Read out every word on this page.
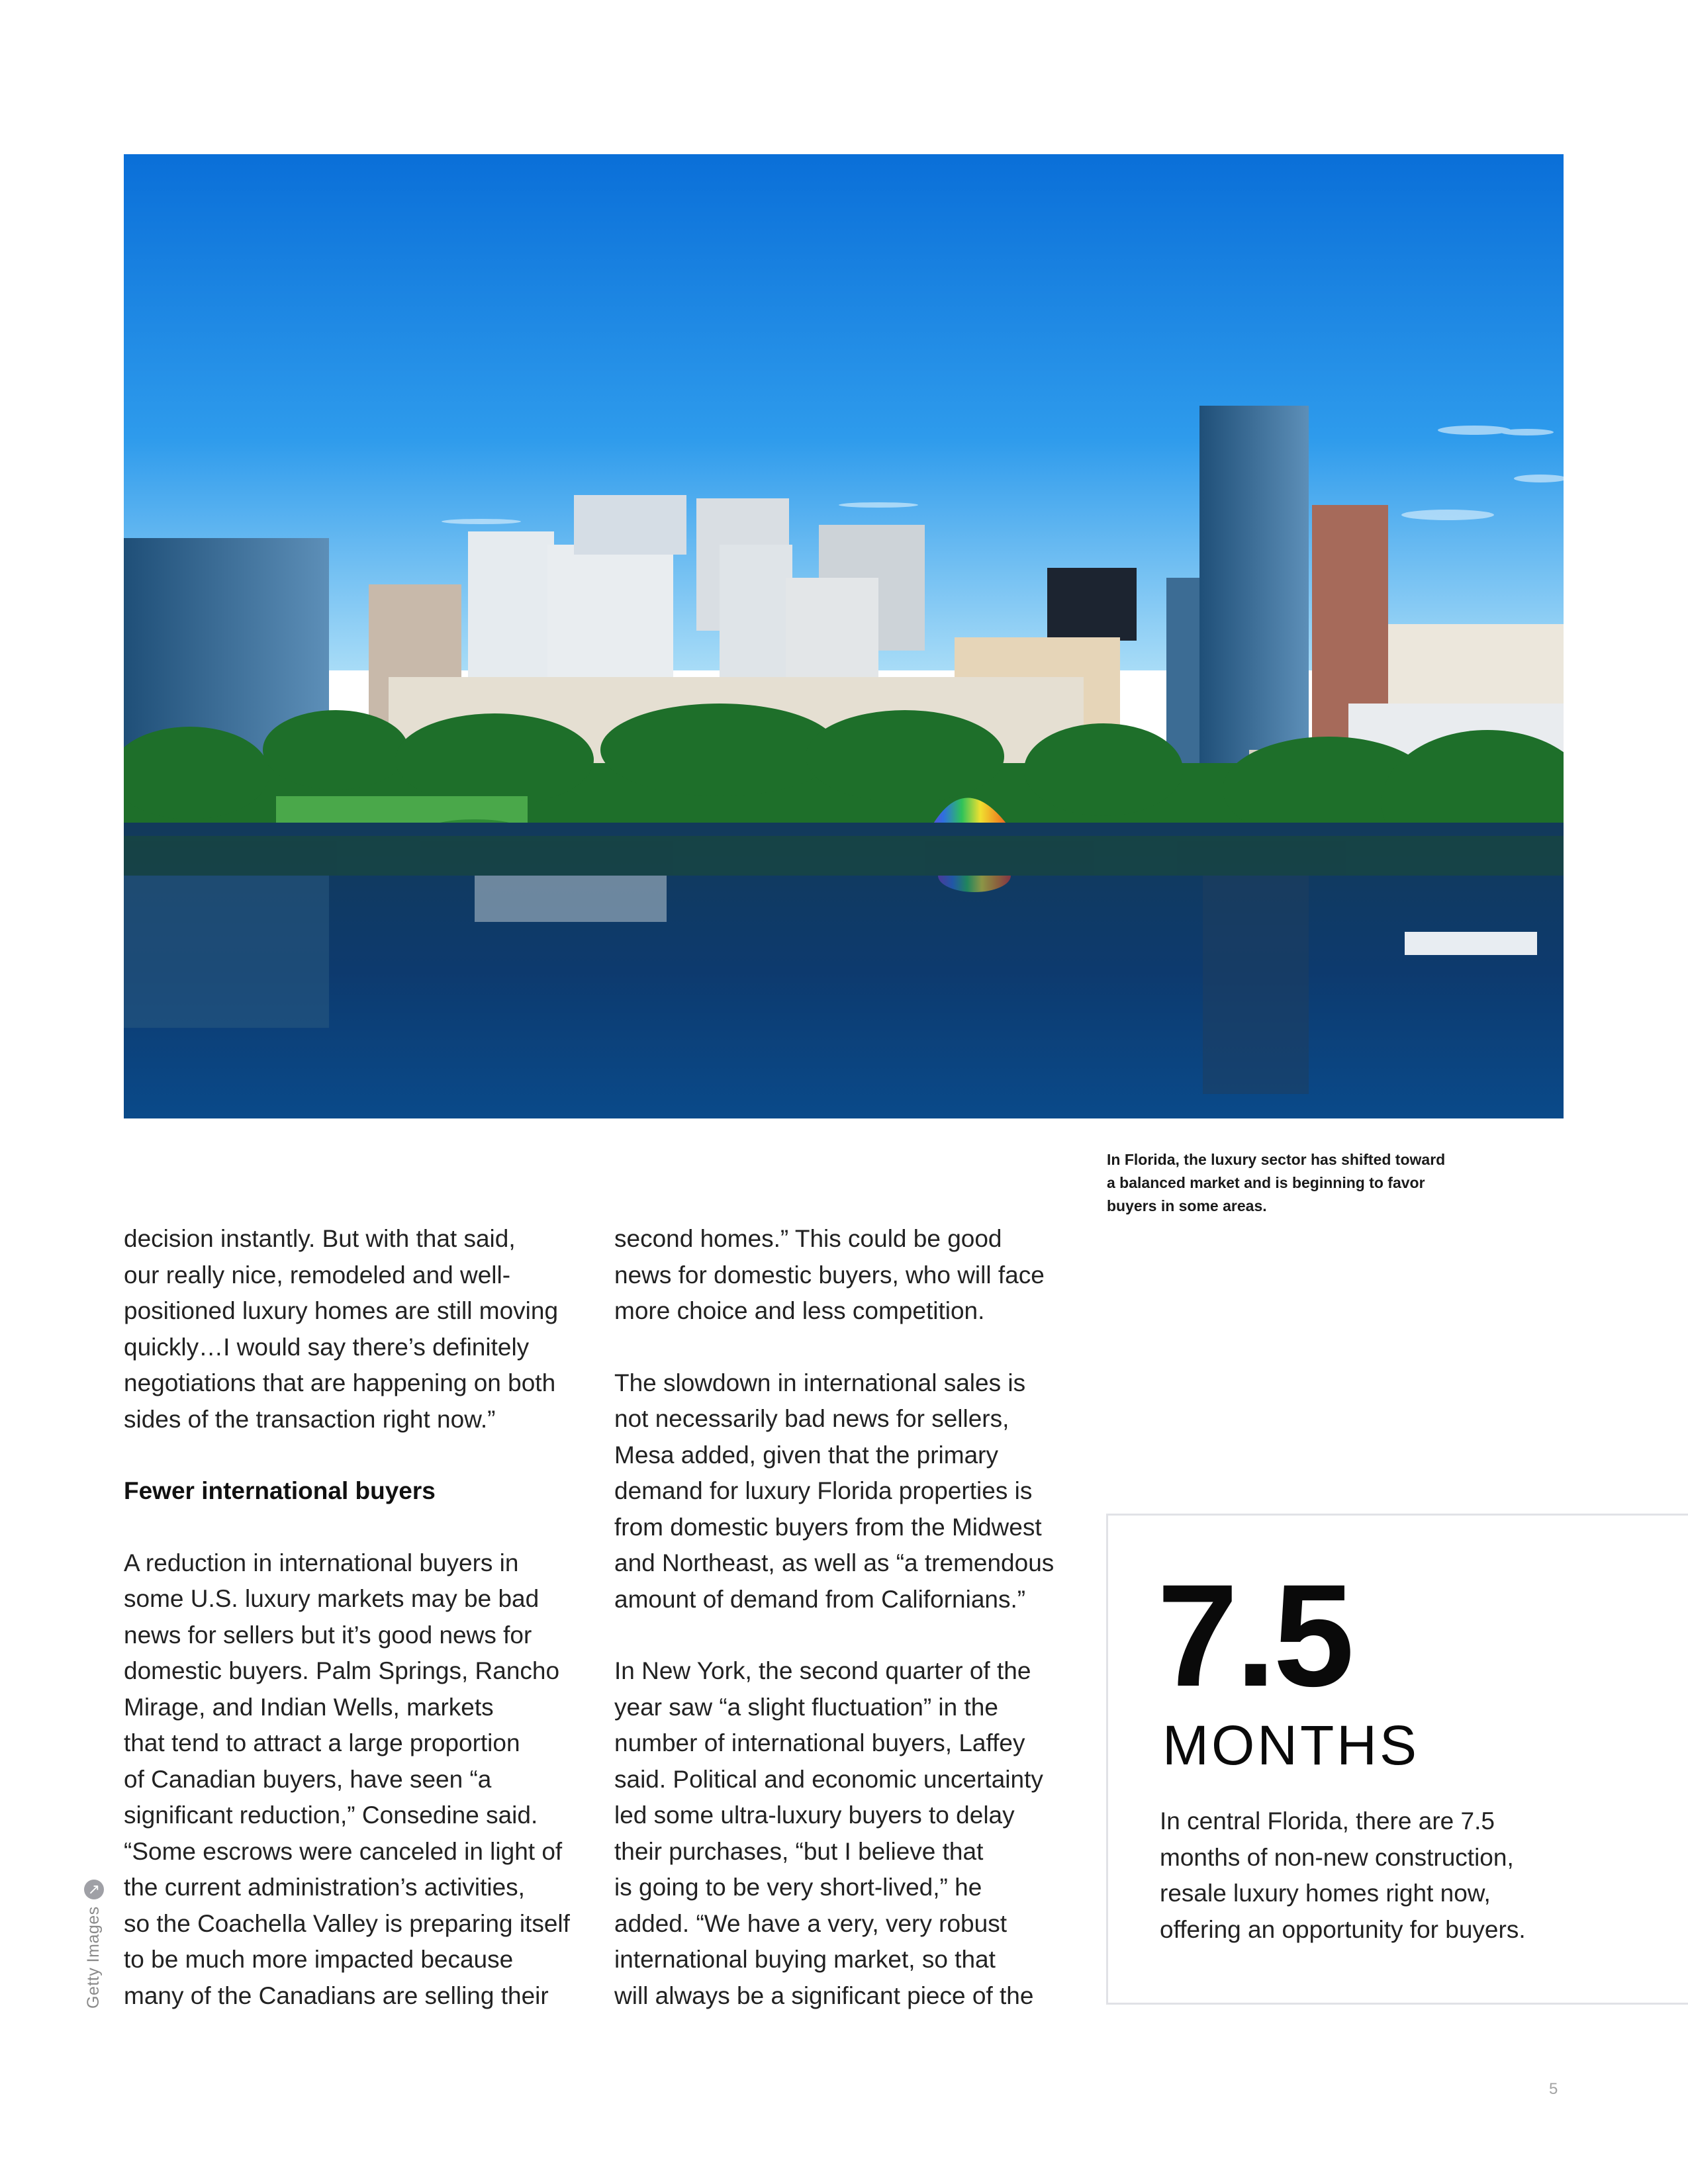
In Florida, the luxury sector has shifted toward
a balanced market and is beginning to favor
buyers in some areas.

decision instantly. But with that said,
our really nice, remodeled and well-
positioned luxury homes are still moving
quickly…I would say there’s definitely
negotiations that are happening on both
sides of the transaction right now.”

Fewer international buyers

A reduction in international buyers in
some U.S. luxury markets may be bad
news for sellers but it’s good news for
domestic buyers. Palm Springs, Rancho
Mirage, and Indian Wells, markets
that tend to attract a large proportion
of Canadian buyers, have seen “a
significant reduction,” Consedine said.
“Some escrows were canceled in light of
the current administration’s activities,
so the Coachella Valley is preparing itself
to be much more impacted because
many of the Canadians are selling their

second homes.” This could be good
news for domestic buyers, who will face
more choice and less competition.

The slowdown in international sales is
not necessarily bad news for sellers,
Mesa added, given that the primary
demand for luxury Florida properties is
from domestic buyers from the Midwest
and Northeast, as well as “a tremendous
amount of demand from Californians.”

In New York, the second quarter of the
year saw “a slight fluctuation” in the
number of international buyers, Laffey
said. Political and economic uncertainty
led some ultra-luxury buyers to delay
their purchases, “but I believe that
is going to be very short-lived,” he
added. “We have a very, very robust
international buying market, so that
will always be a significant piece of the

7.5
MONTHS
In central Florida, there are 7.5
months of non-new construction,
resale luxury homes right now,
offering an opportunity for buyers.
↗
Getty Images
5
